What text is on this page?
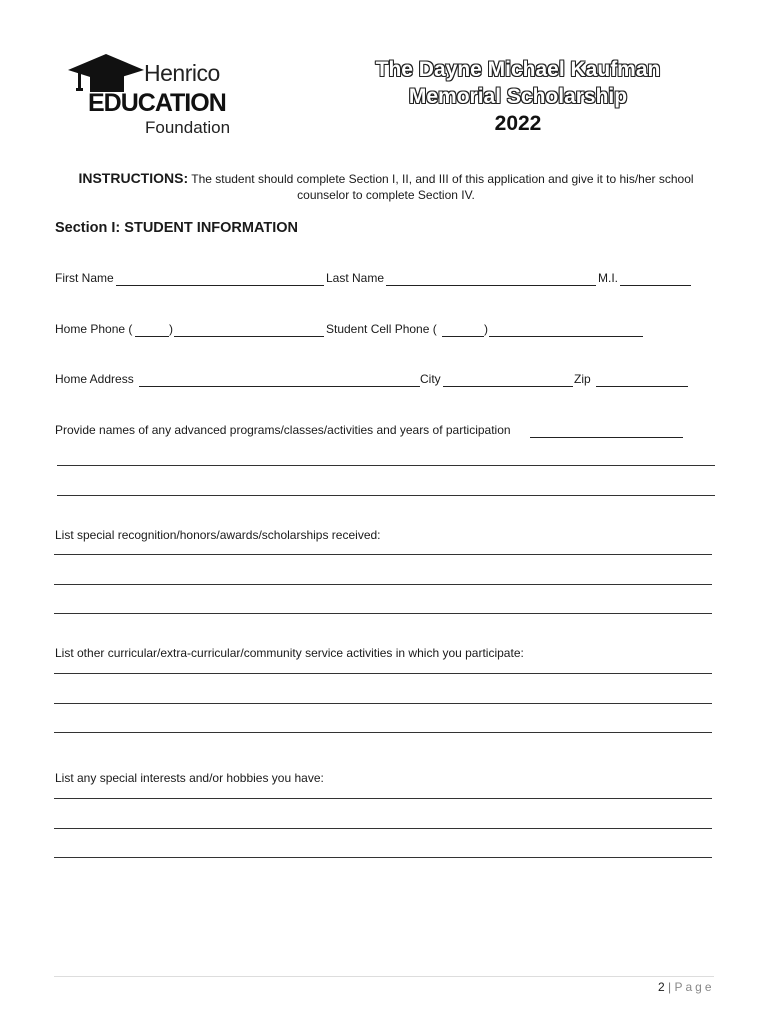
Henrico
EDUCATION
Foundation
The Dayne Michael Kaufman
Memorial Scholarship
2022
INSTRUCTIONS: The student should complete Section I, II, and III of this application and give it to his/her school
counselor to complete Section IV.
Section I: STUDENT INFORMATION
First Name	Last Name	M.I.
Home Phone (	)	Student Cell Phone (	)
Home Address	City	Zip
Provide names of any advanced programs/classes/activities and years of participation
List special recognition/honors/awards/scholarships received:
List other curricular/extra-curricular/community service activities in which you participate:
List any special interests and/or hobbies you have:
2 | Page
